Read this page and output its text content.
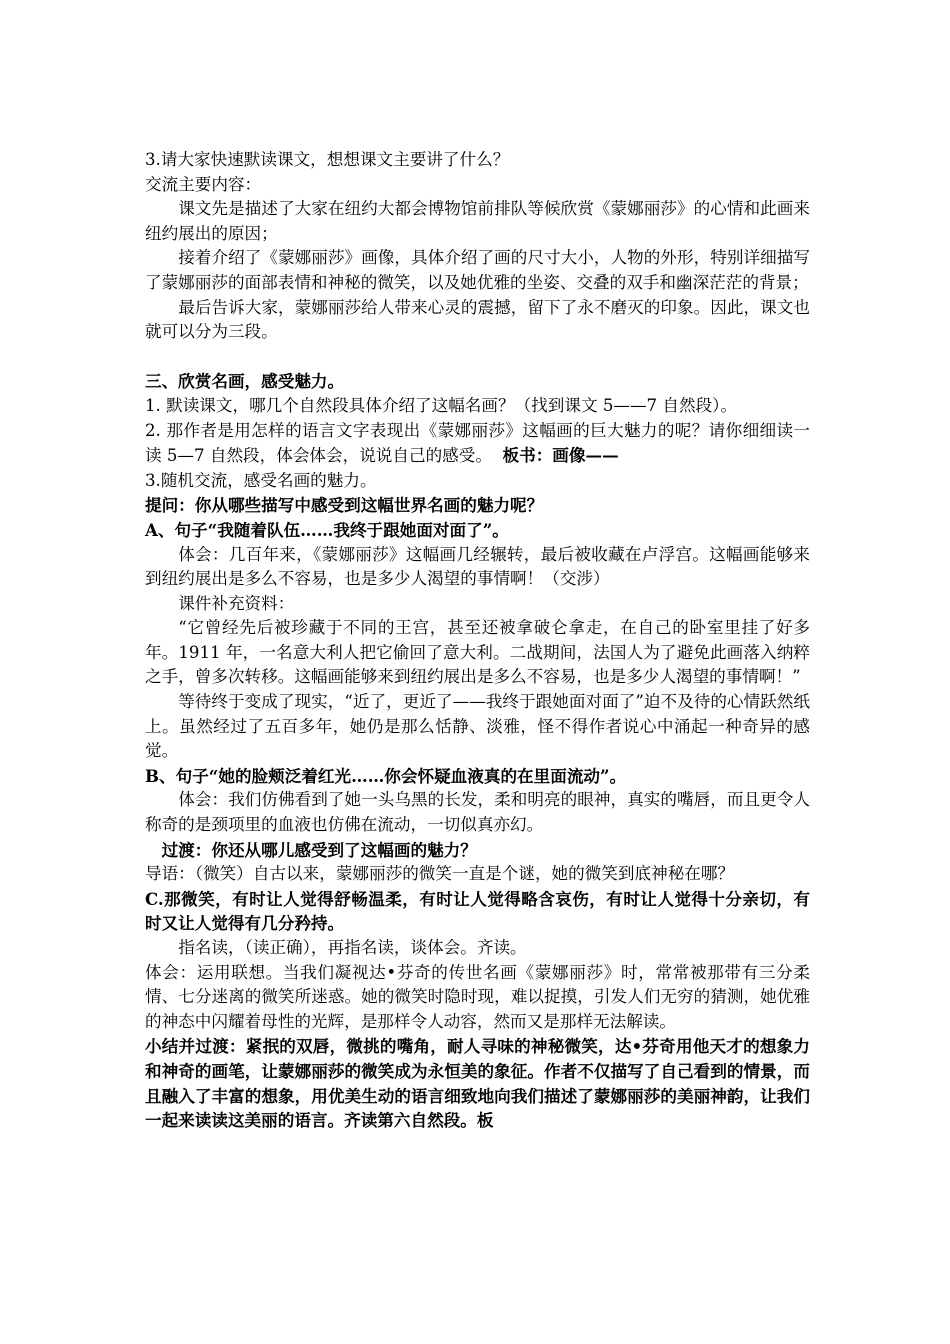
3.请大家快速默读课文，想想课文主要讲了什么？

交流主要内容：

课文先是描述了大家在纽约大都会博物馆前排队等候欣赏《蒙娜丽莎》的心情和此画来纽约展出的原因；

接着介绍了《蒙娜丽莎》画像，具体介绍了画的尺寸大小，人物的外形，特别详细描写了蒙娜丽莎的面部表情和神秘的微笑，以及她优雅的坐姿、交叠的双手和幽深茫茫的背景；

最后告诉大家，蒙娜丽莎给人带来心灵的震撼，留下了永不磨灭的印象。因此，课文也就可以分为三段。

三、欣赏名画，感受魅力。

1. 默读课文，哪几个自然段具体介绍了这幅名画？（找到课文 5——7 自然段）。

2. 那作者是用怎样的语言文字表现出《蒙娜丽莎》这幅画的巨大魅力的呢？请你细细读一读 5—7 自然段，体会体会，说说自己的感受。 板书：画像——

3.随机交流，感受名画的魅力。

提问：你从哪些描写中感受到这幅世界名画的魅力呢？

A、句子“我随着队伍……我终于跟她面对面了”。

体会：几百年来，《蒙娜丽莎》这幅画几经辗转，最后被收藏在卢浮宫。这幅画能够来到纽约展出是多么不容易，也是多少人渴望的事情啊！（交涉）

课件补充资料：

“它曾经先后被珍藏于不同的王宫，甚至还被拿破仑拿走，在自己的卧室里挂了好多年。1911 年，一名意大利人把它偷回了意大利。二战期间，法国人为了避免此画落入纳粹之手，曾多次转移。这幅画能够来到纽约展出是多么不容易，也是多少人渴望的事情啊！”

等待终于变成了现实，“近了，更近了——我终于跟她面对面了”迫不及待的心情跃然纸上。虽然经过了五百多年，她仍是那么恬静、淡雅，怪不得作者说心中涌起一种奇异的感觉。

B、句子“她的脸颊泛着红光……你会怀疑血液真的在里面流动”。

体会：我们仿佛看到了她一头乌黑的长发，柔和明亮的眼神，真实的嘴唇，而且更令人称奇的是颈项里的血液也仿佛在流动，一切似真亦幻。

过渡：你还从哪儿感受到了这幅画的魅力？

导语：（微笑）自古以来，蒙娜丽莎的微笑一直是个谜，她的微笑到底神秘在哪？

C.那微笑，有时让人觉得舒畅温柔，有时让人觉得略含哀伤，有时让人觉得十分亲切，有时又让人觉得有几分矜持。

指名读，（读正确），再指名读，谈体会。齐读。

体会：运用联想。当我们凝视达•芬奇的传世名画《蒙娜丽莎》时，常常被那带有三分柔情、七分迷离的微笑所迷惑。她的微笑时隐时现，难以捉摸，引发人们无穷的猜测，她优雅的神态中闪耀着母性的光辉，是那样令人动容，然而又是那样无法解读。

小结并过渡：紧抿的双唇，微挑的嘴角，耐人寻味的神秘微笑，达•芬奇用他天才的想象力和神奇的画笔，让蒙娜丽莎的微笑成为永恒美的象征。作者不仅描写了自己看到的情景，而且融入了丰富的想象，用优美生动的语言细致地向我们描述了蒙娜丽莎的美丽神韵，让我们一起来读读这美丽的语言。齐读第六自然段。板
